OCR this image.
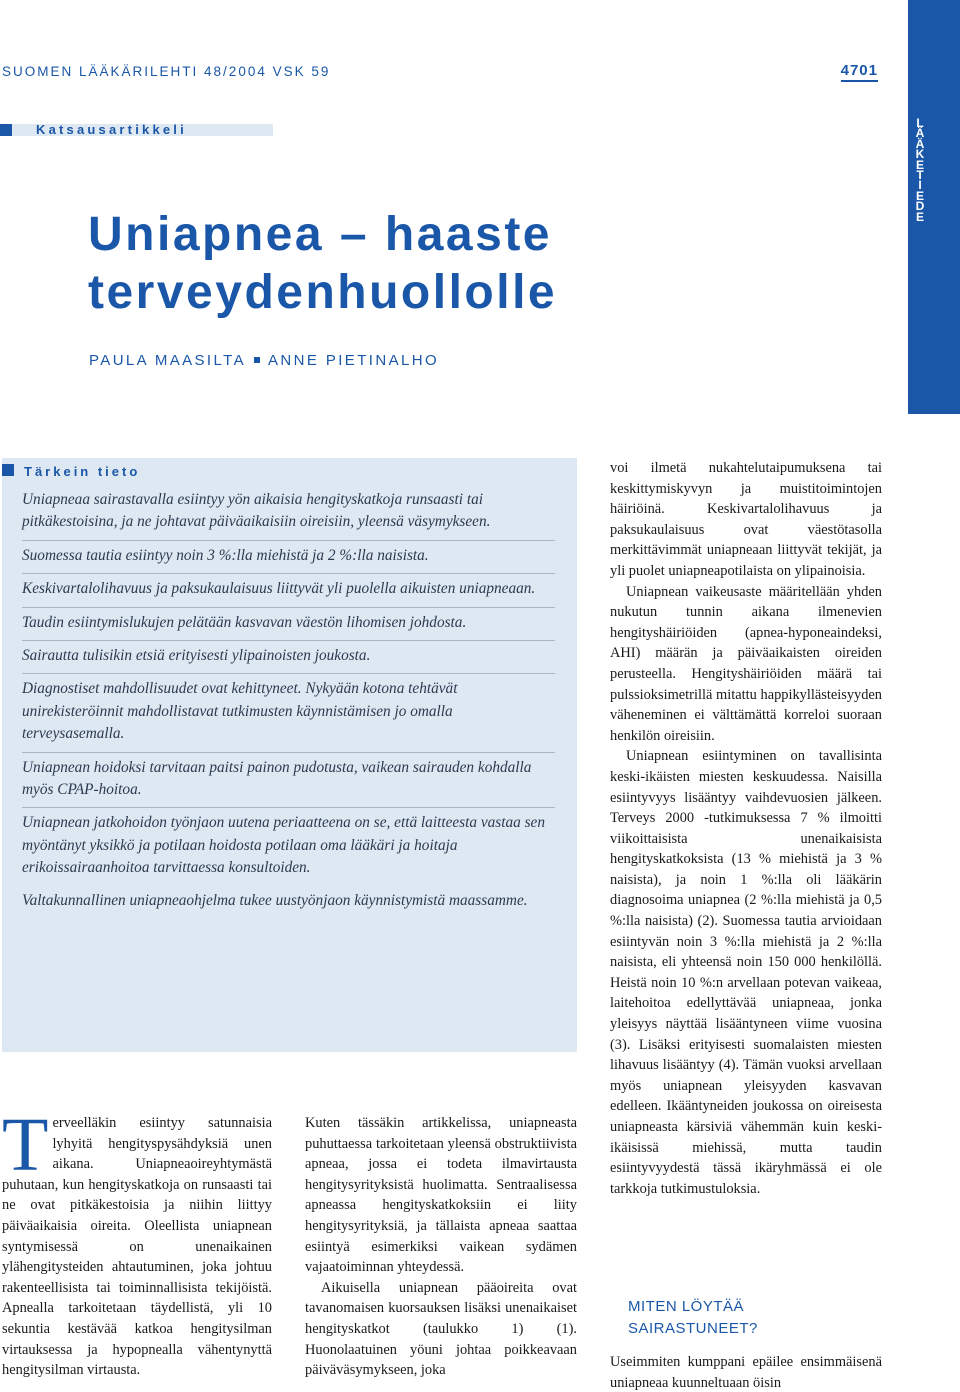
SUOMEN LÄÄKÄRILEHTI 48/2004 VSK 59	4701
L
Ä
Ä
K
E
T
I
E
D
E
Katsausartikkeli
Uniapnea – haaste
terveydenhuollolle
PAULA MAASILTA ANNE PIETINALHO
Tärkein tieto

Uniapneaa sairastavalla esiintyy yön aikaisia hengityskatkoja runsaasti tai pitkäkestoisina, ja ne johtavat päiväaikaisiin oireisiin, yleensä väsymykseen.

Suomessa tautia esiintyy noin 3 %:lla miehistä ja 2 %:lla naisista.

Keskivartalolihavuus ja paksukaulaisuus liittyvät yli puolella aikuisten uniapneaan.

Taudin esiintymislukujen pelätään kasvavan väestön lihomisen johdosta.

Sairautta tulisikin etsiä erityisesti ylipainoisten joukosta.

Diagnostiset mahdollisuudet ovat kehittyneet. Nykyään kotona tehtävät unirekisteröinnit mahdollistavat tutkimusten käynnistämisen jo omalla terveysasemalla.

Uniapnean hoidoksi tarvitaan paitsi painon pudotusta, vaikean sairauden kohdalla myös CPAP-hoitoa.

Uniapnean jatkohoidon työnjaon uutena periaatteena on se, että laitteesta vastaa sen myöntänyt yksikkö ja potilaan hoidosta potilaan oma lääkäri ja hoitaja erikoissairaanhoitoa tarvittaessa konsultoiden.

Valtakunnallinen uniapneaohjelma tukee uustyönjaon käynnistymistä maassamme.

T erveelläkin esiintyy satunnaisia lyhyitä hengityspysähdyksiä unen aikana. Uniapneaoireyhtymästä puhutaan, kun hengityskatkoja on runsaasti tai ne ovat pitkäkestoisia ja niihin liittyy päiväaikaisia oireita. Oleellista uniapnean syntymisessä on unenaikainen ylähengitysteiden ahtautuminen, joka johtuu rakenteellisista tai toiminnallisista tekijöistä. Apnealla tarkoitetaan täydellistä, yli 10 sekuntia kestävää katkoa hengitysilman virtauksessa ja hypopnealla vähentynyttä hengitysilman virtausta.

Kuten tässäkin artikkelissa, uniapneasta puhuttaessa tarkoitetaan yleensä obstruktiivista apneaa, jossa ei todeta ilmavirtausta hengitysyrityksistä huolimatta. Sentraalisessa apneassa hengityskatkoksiin ei liity hengitysyrityksiä, ja tällaista apneaa saattaa esiintyä esimerkiksi vaikean sydämen vajaatoiminnan yhteydessä.

Aikuisella uniapnean pääoireita ovat tavanomaisen kuorsauksen lisäksi unenaikaiset hengityskatkot (taulukko 1) (1). Huonolaatuinen yöuni johtaa poikkeavaan päiväväsymykseen, joka

voi ilmetä nukahtelutaipumuksena tai keskittymiskyvyn ja muistitoimintojen häiriöinä. Keskivartalolihavuus ja paksukaulaisuus ovat väestötasolla merkittävimmät uniapneaan liittyvät tekijät, ja yli puolet uniapneapotilaista on ylipainoisia.

Uniapnean vaikeusaste määritellään yhden nukutun tunnin aikana ilmenevien hengityshäiriöiden (apnea-hyponeaindeksi, AHI) määrän ja päiväaikaisten oireiden perusteella. Hengityshäiriöiden määrä tai pulssioksimetrillä mitattu happikyllästeisyyden väheneminen ei välttämättä korreloi suoraan henkilön oireisiin.

Uniapnean esiintyminen on tavallisinta keski-ikäisten miesten keskuudessa. Naisilla esiintyvyys lisääntyy vaihdevuosien jälkeen. Terveys 2000 -tutkimuksessa 7 % ilmoitti viikoittaisista unenaikaisista hengityskatkoksista (13 % miehistä ja 3 % naisista), ja noin 1 %:lla oli lääkärin diagnosoima uniapnea (2 %:lla miehistä ja 0,5 %:lla naisista) (2). Suomessa tautia arvioidaan esiintyvän noin 3 %:lla miehistä ja 2 %:lla naisista, eli yhteensä noin 150 000 henkilöllä. Heistä noin 10 %:n arvellaan potevan vaikeaa, laitehoitoa edellyttävää uniapneaa, jonka yleisyys näyttää lisääntyneen viime vuosina (3). Lisäksi erityisesti suomalaisten miesten lihavuus lisääntyy (4). Tämän vuoksi arvellaan myös uniapnean yleisyyden kasvavan edelleen. Ikääntyneiden joukossa on oireisesta uniapneasta kärsiviä vähemmän kuin keski-ikäisissä miehissä, mutta taudin esiintyvyydestä tässä ikäryhmässä ei ole tarkkoja tutkimustuloksia.

MITEN LÖYTÄÄ
SAIRASTUNEET?
Useimmiten kumppani epäilee ensimmäisenä uniapneaa kuunneltuaan öisin
